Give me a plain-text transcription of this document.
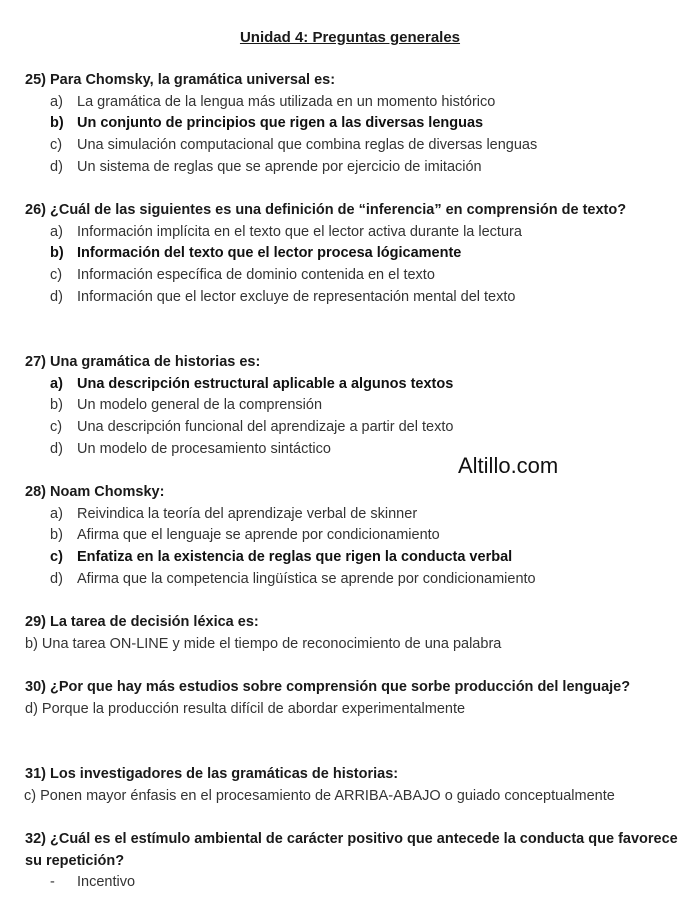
Unidad 4: Preguntas generales
25) Para Chomsky, la gramática universal es:
a) La gramática de la lengua más utilizada en un momento histórico
b) Un conjunto de principios que rigen a las diversas lenguas
c)	Una simulación computacional que combina reglas de diversas lenguas
d) Un sistema de reglas que se aprende por ejercicio de imitación
26) ¿Cuál de las siguientes es una definición de “inferencia” en comprensión de texto?
a) Información implícita en el texto que el lector activa durante la lectura
b) Información del texto que el lector procesa lógicamente
c)	Información específica de dominio contenida en el texto
d) Información que el lector excluye de representación mental del texto
27) Una gramática de historias es:
a) Una descripción estructural aplicable a algunos textos
b) Un modelo general de la comprensión
c)	Una descripción funcional del aprendizaje a partir del texto
d) Un modelo de procesamiento sintáctico
Altillo.com
28) Noam Chomsky:
a) Reivindica la teoría del aprendizaje verbal de skinner
b) Afirma que el lenguaje se aprende por condicionamiento
c) Enfatiza en la existencia de reglas que rigen la conducta verbal
d) Afirma que la competencia lingüística se aprende por condicionamiento
29) La tarea de decisión léxica es:
b) Una tarea ON-LINE y mide el tiempo de reconocimiento de una palabra
30) ¿Por que hay más estudios sobre comprensión que sorbe producción del lenguaje?
d) Porque la producción resulta difícil de abordar experimentalmente
31) Los investigadores de las gramáticas de historias:
c) Ponen mayor énfasis en el procesamiento de ARRIBA-ABAJO o guiado conceptualmente
32) ¿Cuál es el estímulo ambiental de carácter positivo que antecede la conducta que favorece su repetición?
-	Incentivo
